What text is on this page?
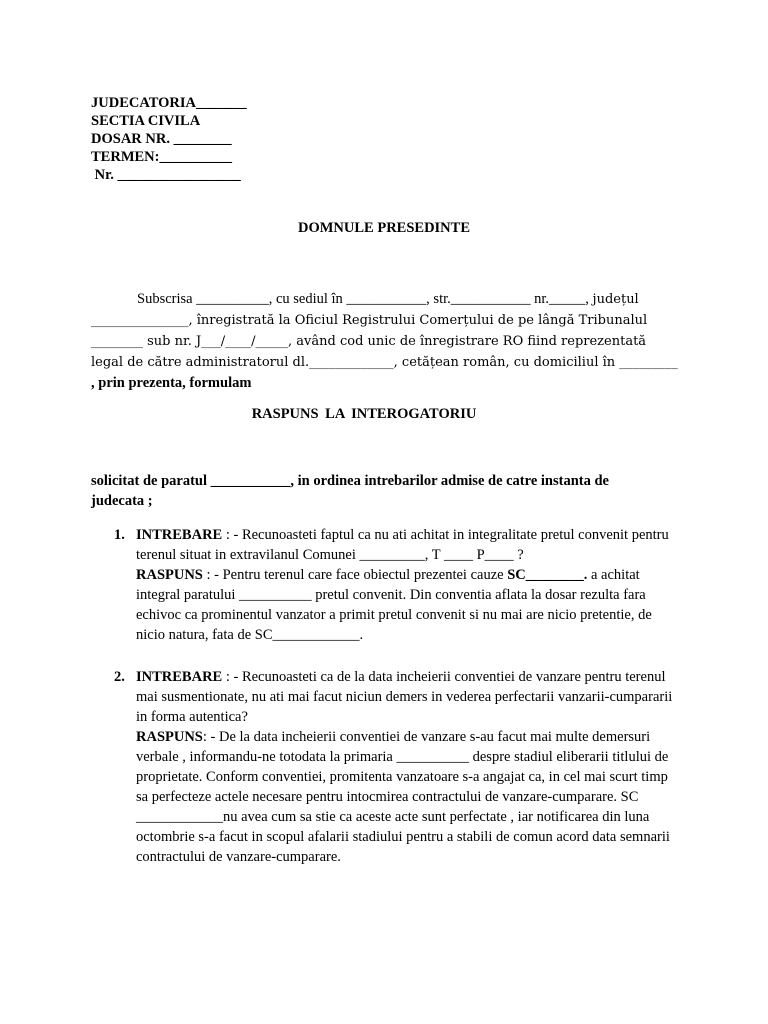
JUDECATORIA_______
SECTIA CIVILA
DOSAR NR. ________
TERMEN:__________
Nr. _________________
DOMNULE PRESEDINTE

Subscrisa __________, cu sediul în ___________, str.___________ nr._____, județul _______________, înregistrată la Oficiul Registrului Comerțului de pe lângă Tribunalul ________ sub nr. J___/____/_____, având cod unic de înregistrare RO fiind reprezentată legal de către administratorul dl._____________, cetățean român, cu domiciliul în _________ , prin prezenta, formulam

RASPUNS LA INTEROGATORIU
solicitat de paratul ___________, in ordinea intrebarilor admise de catre instanta de judecata ;
1. INTREBARE : - Recunoasteti faptul ca nu ati achitat in integralitate pretul convenit pentru terenul situat in extravilanul Comunei _________, T ____ P____ ?

RASPUNS : - Pentru terenul care face obiectul prezentei cauze SC________. a achitat integral paratului __________ pretul convenit. Din conventia aflata la dosar rezulta fara echivoc ca prominentul vanzator a primit pretul convenit si nu mai are nicio pretentie, de nicio natura, fata de SC____________.

2. INTREBARE : - Recunoasteti ca de la data incheierii conventiei de vanzare pentru terenul mai susmentionate, nu ati mai facut niciun demers in vederea perfectarii vanzarii-cumpararii in forma autentica?

RASPUNS: - De la data incheierii conventiei de vanzare s-au facut mai multe demersuri verbale , informandu-ne totodata la primaria __________ despre stadiul eliberarii titlului de proprietate. Conform conventiei, promitenta vanzatoare s-a angajat ca, in cel mai scurt timp sa perfecteze actele necesare pentru intocmirea contractului de vanzare-cumparare. SC ____________nu avea cum sa stie ca aceste acte sunt perfectate , iar notificarea din luna octombrie s-a facut in scopul afalarii stadiului pentru a stabili de comun acord data semnarii contractului de vanzare-cumparare.
